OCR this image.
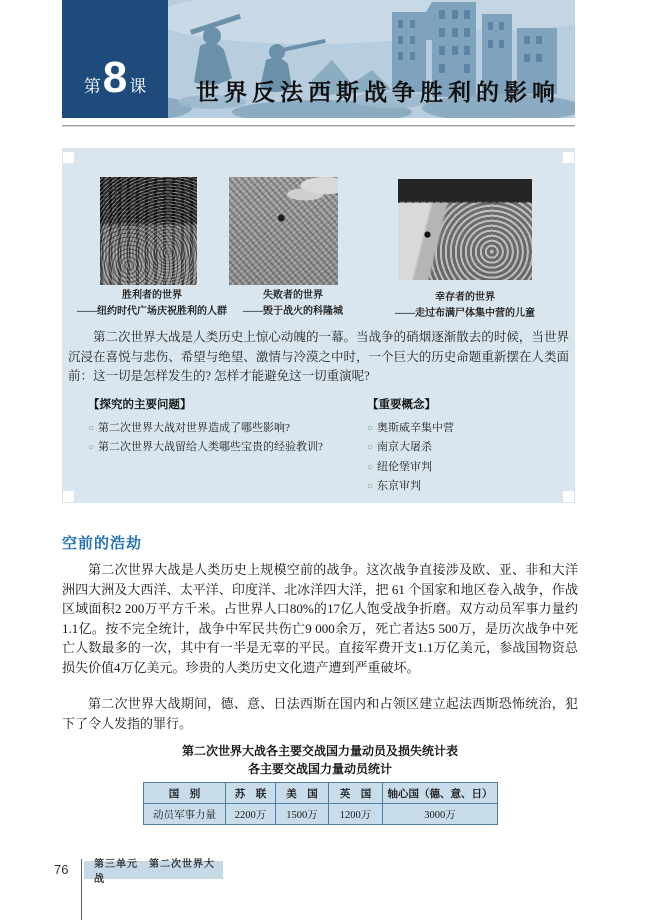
第 8 课 世界反法西斯战争胜利的影响
胜利者的世界
——纽约时代广场庆祝胜利的人群
失败者的世界
——毁于战火的科隆城
幸存者的世界
——走过布满尸体集中营的儿童
第二次世界大战是人类历史上惊心动魄的一幕。当战争的硝烟逐渐散去的时候，当世界沉浸在喜悦与悲伤、希望与绝望、激情与冷漠之中时，一个巨大的历史命题重新摆在人类面前：这一切是怎样发生的? 怎样才能避免这一切重演呢?
【探究的主要问题】
○ 第二次世界大战对世界造成了哪些影响?
○ 第二次世界大战留给人类哪些宝贵的经验教训?
【重要概念】
○ 奥斯威辛集中营
○ 南京大屠杀
○ 纽伦堡审判
○ 东京审判
空前的浩劫
第二次世界大战是人类历史上规模空前的战争。这次战争直接涉及欧、亚、非和大洋洲四大洲及大西洋、太平洋、印度洋、北冰洋四大洋，把 61 个国家和地区卷入战争，作战区域面积2 200万平方千米。占世界人口80%的17亿人饱受战争折磨。双方动员军事力量约1.1亿。按不完全统计，战争中军民共伤亡9 000余万，死亡者达5 500万，是历次战争中死亡人数最多的一次，其中有一半是无辜的平民。直接军费开支1.1万亿美元，参战国物资总损失价值4万亿美元。珍贵的人类历史文化遗产遭到严重破坏。
第二次世界大战期间，德、意、日法西斯在国内和占领区建立起法西斯恐怖统治，犯下了令人发指的罪行。
第二次世界大战各主要交战国力量动员及损失统计表
各主要交战国力量动员统计
国　别	苏　联	美　国	英　国	轴心国（德、意、日）
动员军事力量	2200万	1500万	1200万	3000万
76	第三单元　第二次世界大战
